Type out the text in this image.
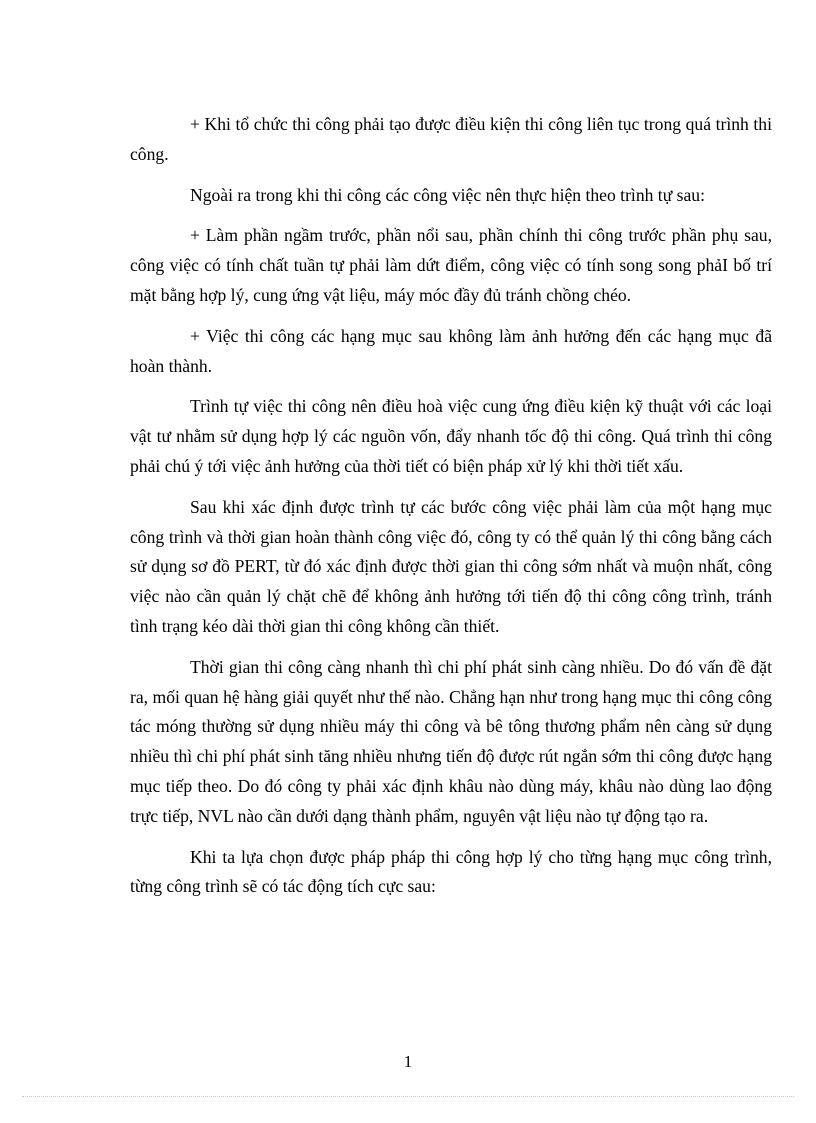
+ Khi tổ chức thi công phải tạo được điều kiện thi công liên tục trong quá trình thi công.

Ngoài ra trong khi thi công các công việc nên thực hiện theo trình tự sau:

+ Làm phần ngầm trước, phần nổi sau, phần chính thi công trước phần phụ sau, công việc có tính chất tuần tự phải làm dứt điểm, công việc có tính song song phảI bố trí mặt bằng hợp lý, cung ứng vật liệu, máy móc đầy đủ tránh chồng chéo.

+ Việc thi công các hạng mục sau không làm ảnh hưởng đến các hạng mục đã hoàn thành.

Trình tự việc thi công nên điều hoà việc cung ứng điều kiện kỹ thuật với các loại vật tư nhằm sử dụng hợp lý các nguồn vốn, đẩy nhanh tốc độ thi công. Quá trình thi công phải chú ý tới việc ảnh hưởng của thời tiết có biện pháp xử lý khi thời tiết xấu.

Sau khi xác định được trình tự các bước công việc phải làm của một hạng mục công trình và thời gian hoàn thành công việc đó, công ty có thể quản lý thi công bằng cách sử dụng sơ đồ PERT, từ đó xác định được thời gian thi công sớm nhất và muộn nhất, công việc nào cần quản lý chặt chẽ để không ảnh hưởng tới tiến độ thi công công trình, tránh tình trạng kéo dài thời gian thi công không cần thiết.

Thời gian thi công càng nhanh thì chi phí phát sinh càng nhiều. Do đó vấn đề đặt ra, mối quan hệ hàng giải quyết như thế nào. Chẳng hạn như trong hạng mục thi công công tác móng thường sử dụng nhiều máy thi công và bê tông thương phẩm nên càng sử dụng nhiều thì chi phí phát sinh tăng nhiều nhưng tiến độ được rút ngắn sớm thi công được hạng mục tiếp theo. Do đó công ty phải xác định khâu nào dùng máy, khâu nào dùng lao động trực tiếp, NVL nào cần dưới dạng thành phẩm, nguyên vật liệu nào tự động tạo ra.

Khi ta lựa chọn được pháp pháp thi công hợp lý cho từng hạng mục công trình, từng công trình sẽ có tác động tích cực sau:

1
